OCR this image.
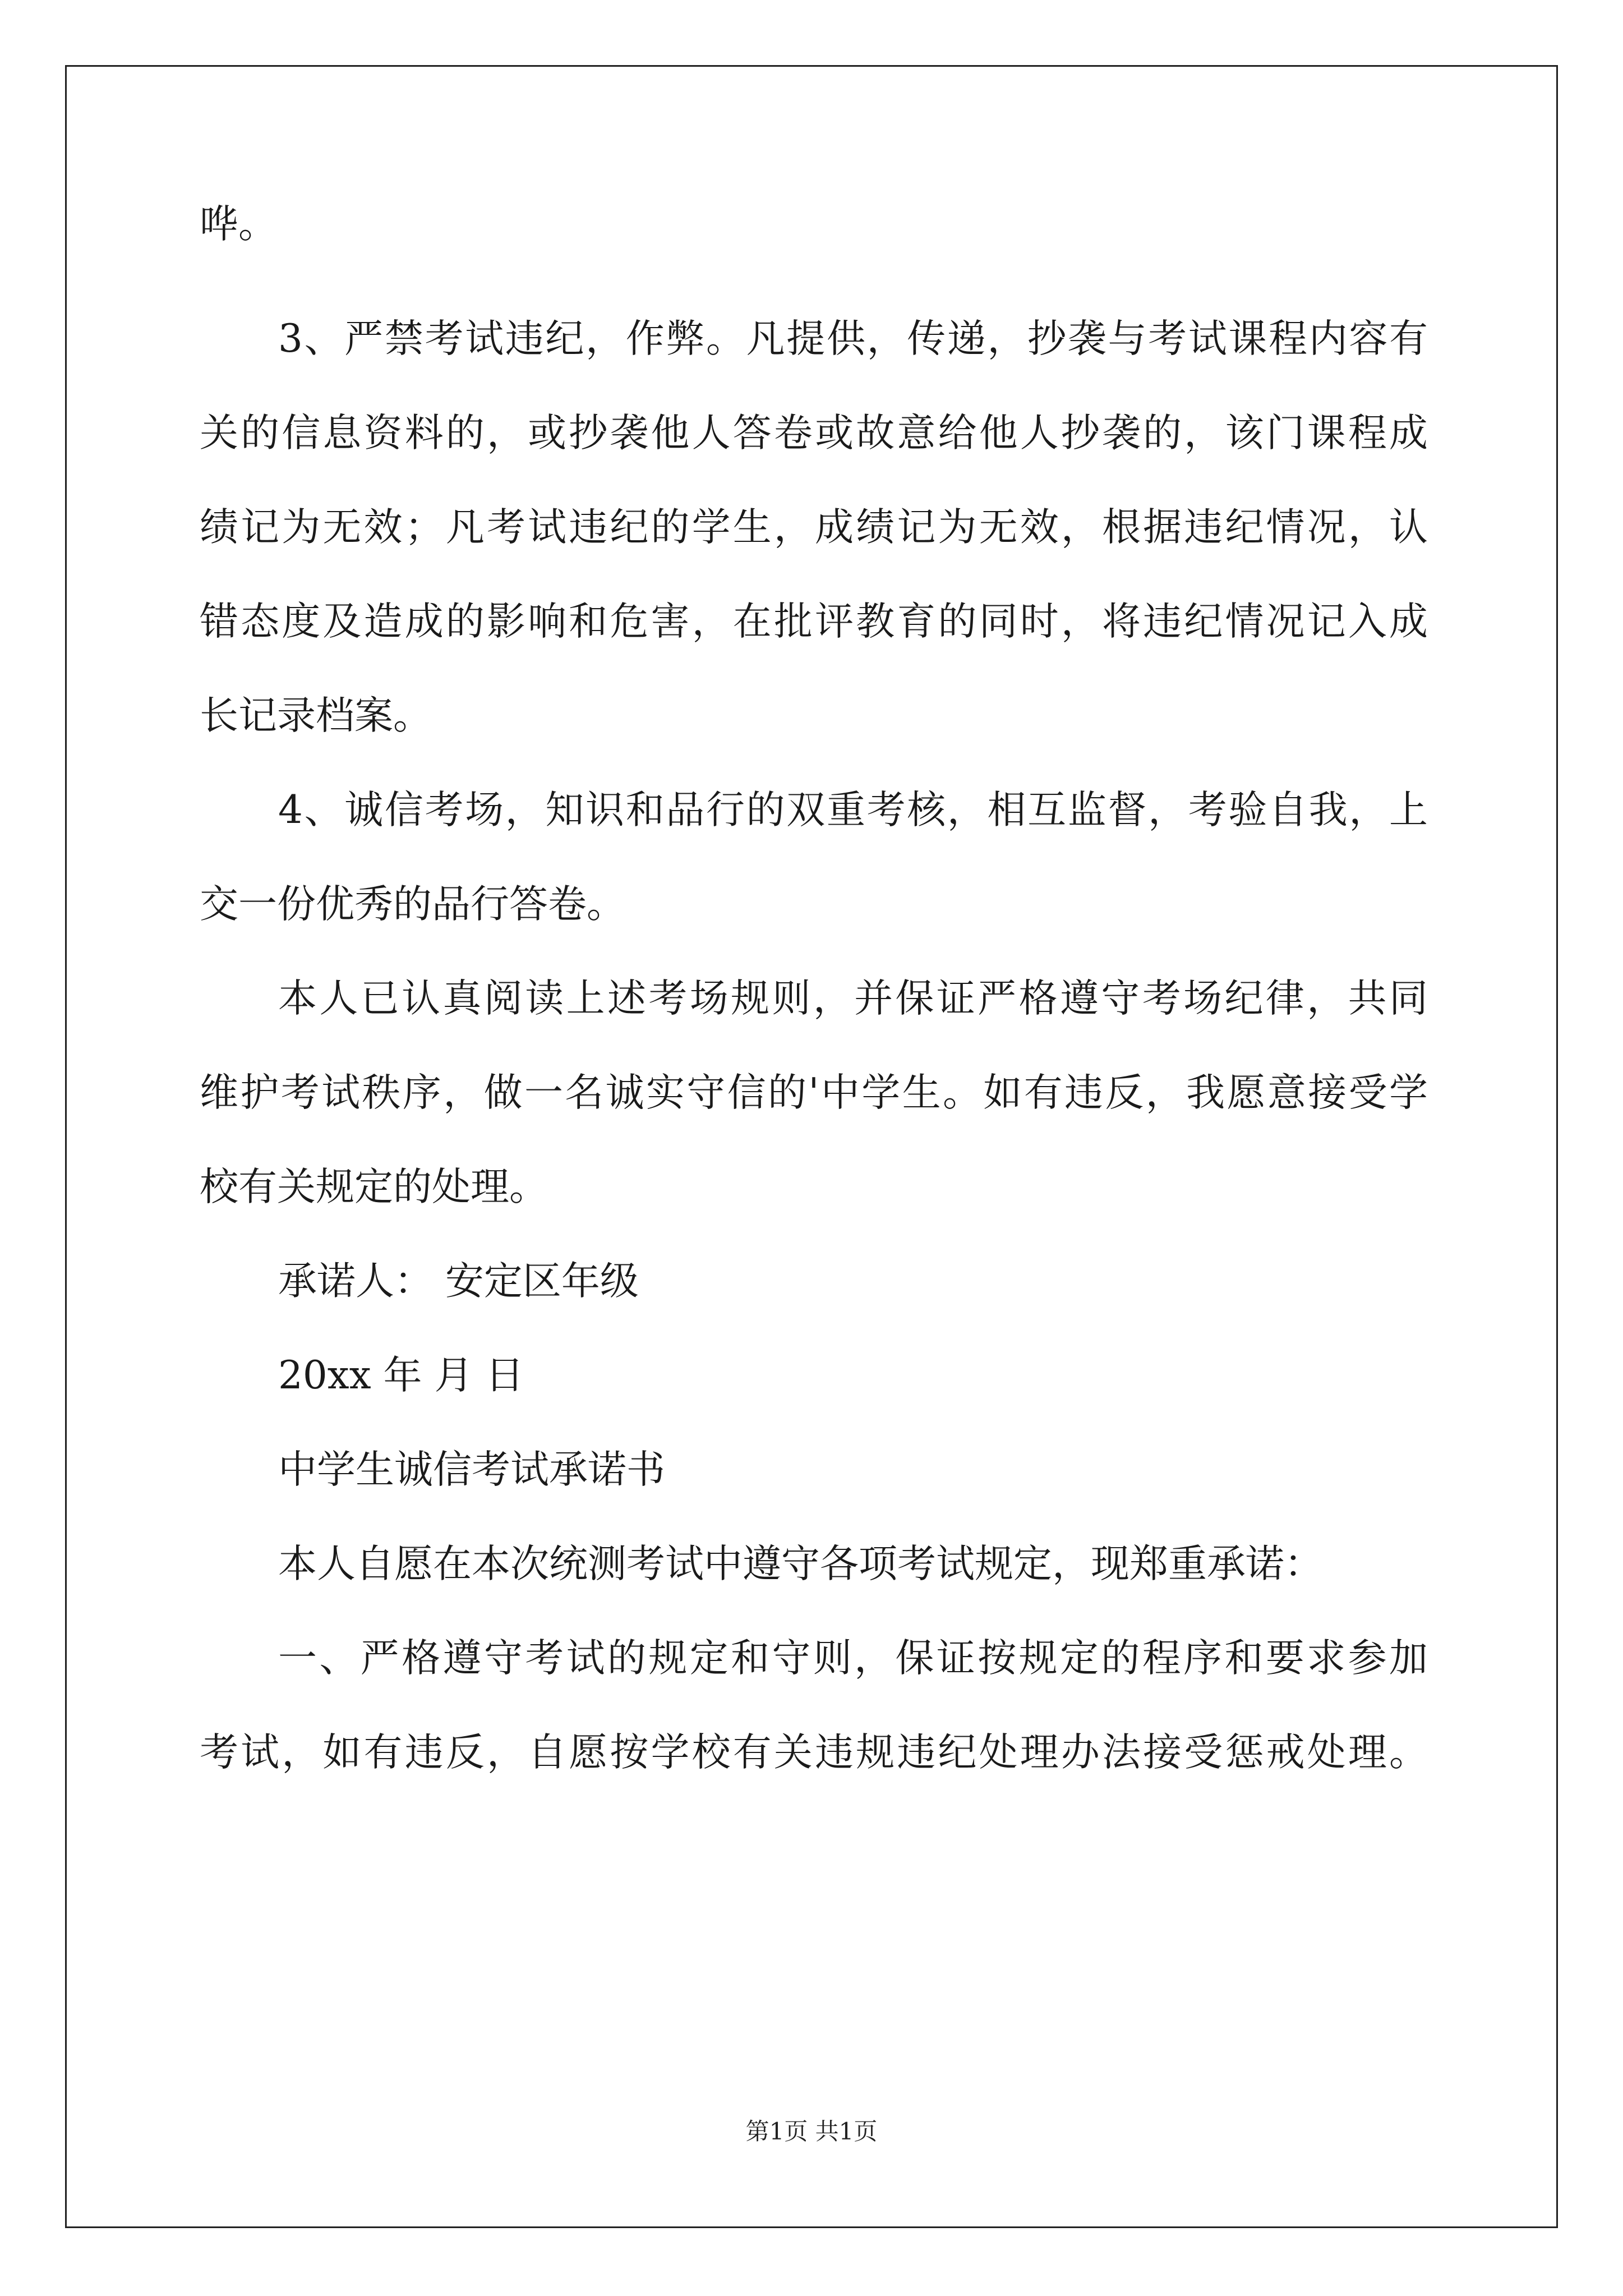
哗。
3、严禁考试违纪，作弊。凡提供，传递，抄袭与考试课程内容有
关的信息资料的，或抄袭他人答卷或故意给他人抄袭的，该门课程成
绩记为无效；凡考试违纪的学生，成绩记为无效，根据违纪情况，认
错态度及造成的影响和危害，在批评教育的同时，将违纪情况记入成
长记录档案。
4、诚信考场，知识和品行的双重考核，相互监督，考验自我，上
交一份优秀的品行答卷。
本人已认真阅读上述考场规则，并保证严格遵守考场纪律，共同
维护考试秩序，做一名诚实守信的'中学生。如有违反，我愿意接受学
校有关规定的处理。
承诺人： 安定区年级
20xx 年 月 日
中学生诚信考试承诺书
本人自愿在本次统测考试中遵守各项考试规定，现郑重承诺：
一、严格遵守考试的规定和守则，保证按规定的程序和要求参加
考试，如有违反，自愿按学校有关违规违纪处理办法接受惩戒处理。
第1页 共1页
